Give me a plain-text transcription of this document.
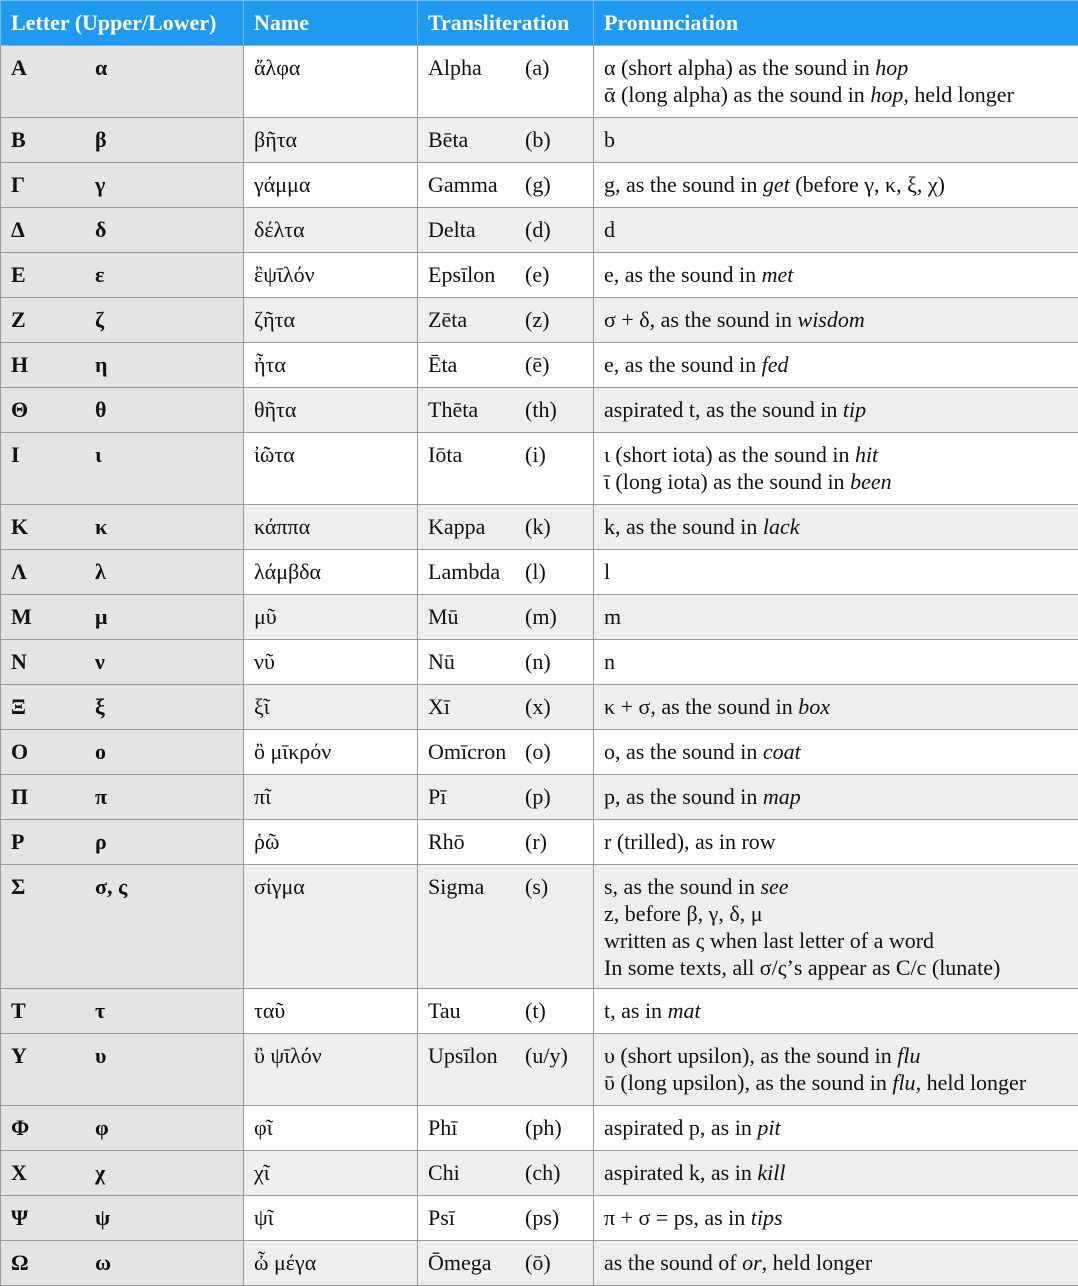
Letter (Upper/Lower)	Name	Transliteration	Pronunciation

Α α	ἄλφα	Alpha (a)	α (short alpha) as the sound in hop
ᾱ (long alpha) as the sound in hop, held longer

Β β	βῆτα	Bēta (b)	b

Γ γ	γάμμα	Gamma (g)	g, as the sound in get (before γ, κ, ξ, χ)

Δ δ	δέλτα	Delta (d)	d

Ε ε	ἒψῑλόν	Epsīlon (e)	e, as the sound in met

Ζ ζ	ζῆτα	Zēta (z)	σ + δ, as the sound in wisdom

Η η	ἦτα	Ēta (ē)	e, as the sound in fed

Θ θ	θῆτα	Thēta (th)	aspirated t, as the sound in tip

Ι ι	ἰῶτα	Iōta (i)	ι (short iota) as the sound in hit
ῑ (long iota) as the sound in been

Κ κ	κάππα	Kappa (k)	k, as the sound in lack

Λ λ	λάμβδα	Lambda (l)	l

Μ μ	μῦ	Mū (m)	m

Ν ν	νῦ	Nū (n)	n

Ξ ξ	ξῖ	Xī (x)	κ + σ, as the sound in box

Ο ο	ὂ μῑκρόν	Omīcron (o)	o, as the sound in coat

Π π	πῖ	Pī (p)	p, as the sound in map

Ρ ρ	ῥῶ	Rhō (r)	r (trilled), as in row

Σ σ, ς	σίγμα	Sigma (s)	s, as the sound in see
z, before β, γ, δ, μ
written as ς when last letter of a word
In some texts, all σ/ς’s appear as C/c (lunate)

Τ τ	ταῦ	Tau (t)	t, as in mat

Υ υ	ὒ ψῑλόν	Upsīlon (u/y)	υ (short upsilon), as the sound in flu
ῡ (long upsilon), as the sound in flu, held longer

Φ φ	φῖ	Phī (ph)	aspirated p, as in pit

Χ χ	χῖ	Chi (ch)	aspirated k, as in kill

Ψ ψ	ψῖ	Psī (ps)	π + σ = ps, as in tips

Ω ω	ὦ μέγα	Ōmega (ō)	as the sound of or, held longer
